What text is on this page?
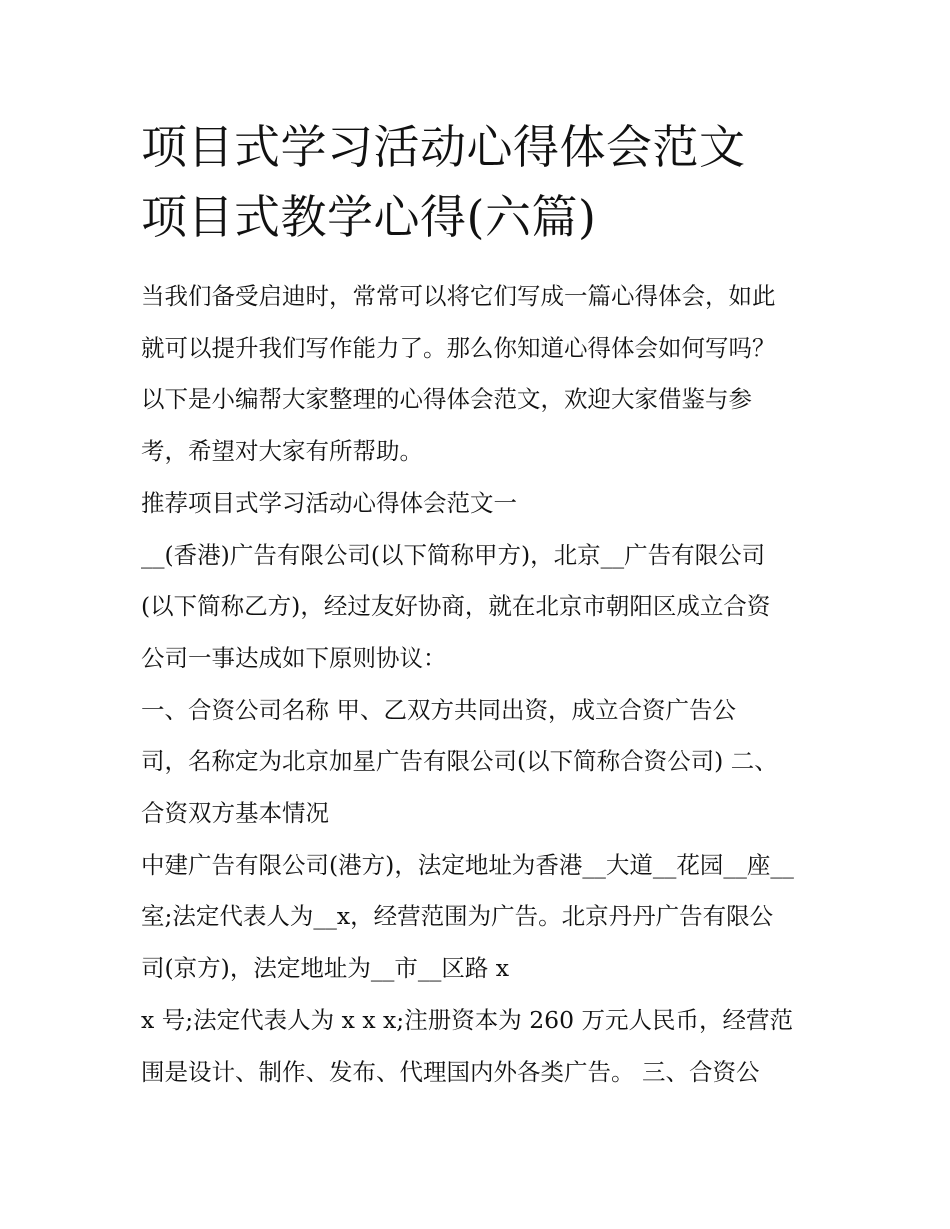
项目式学习活动心得体会范文
项目式教学心得(六篇)

当我们备受启迪时，常常可以将它们写成一篇心得体会，如此

就可以提升我们写作能力了。那么你知道心得体会如何写吗？

以下是小编帮大家整理的心得体会范文，欢迎大家借鉴与参

考，希望对大家有所帮助。

推荐项目式学习活动心得体会范文一

__(香港)广告有限公司(以下简称甲方)，北京__广告有限公司

(以下简称乙方)，经过友好协商，就在北京市朝阳区成立合资

公司一事达成如下原则协议：

一、合资公司名称 甲、乙双方共同出资，成立合资广告公

司，名称定为北京加星广告有限公司(以下简称合资公司) 二、

合资双方基本情况

中建广告有限公司(港方)，法定地址为香港__大道__花园__座__

室;法定代表人为__x，经营范围为广告。北京丹丹广告有限公

司(京方)，法定地址为__市__区路 x

x 号;法定代表人为 x x x;注册资本为 260 万元人民币，经营范

围是设计、制作、发布、代理国内外各类广告。 三、合资公
